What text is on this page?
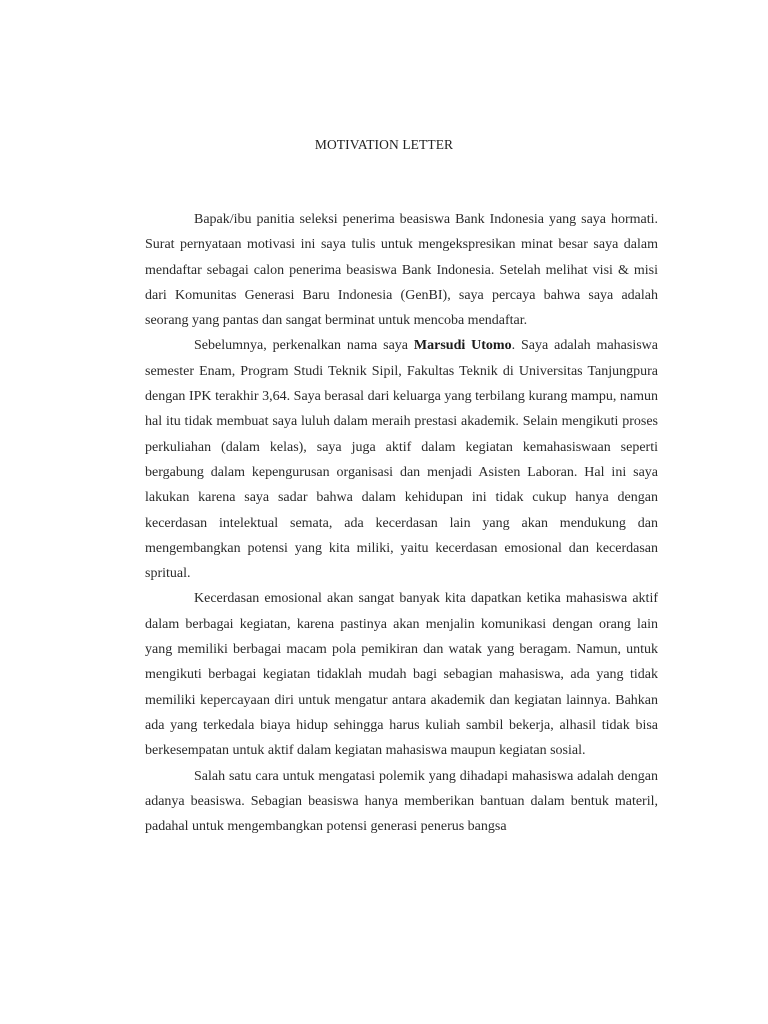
MOTIVATION LETTER

Bapak/ibu panitia seleksi penerima beasiswa Bank Indonesia yang saya hormati. Surat pernyataan motivasi ini saya tulis untuk mengekspresikan minat besar saya dalam mendaftar sebagai calon penerima beasiswa Bank Indonesia. Setelah melihat visi & misi dari Komunitas Generasi Baru Indonesia (GenBI), saya percaya bahwa saya adalah seorang yang pantas dan sangat berminat untuk mencoba mendaftar.

Sebelumnya, perkenalkan nama saya Marsudi Utomo. Saya adalah mahasiswa semester Enam, Program Studi Teknik Sipil, Fakultas Teknik di Universitas Tanjungpura dengan IPK terakhir 3,64. Saya berasal dari keluarga yang terbilang kurang mampu, namun hal itu tidak membuat saya luluh dalam meraih prestasi akademik. Selain mengikuti proses perkuliahan (dalam kelas), saya juga aktif dalam kegiatan kemahasiswaan seperti bergabung dalam kepengurusan organisasi dan menjadi Asisten Laboran. Hal ini saya lakukan karena saya sadar bahwa dalam kehidupan ini tidak cukup hanya dengan kecerdasan intelektual semata, ada kecerdasan lain yang akan mendukung dan mengembangkan potensi yang kita miliki, yaitu kecerdasan emosional dan kecerdasan spritual.

Kecerdasan emosional akan sangat banyak kita dapatkan ketika mahasiswa aktif dalam berbagai kegiatan, karena pastinya akan menjalin komunikasi dengan orang lain yang memiliki berbagai macam pola pemikiran dan watak yang beragam. Namun, untuk mengikuti berbagai kegiatan tidaklah mudah bagi sebagian mahasiswa, ada yang tidak memiliki kepercayaan diri untuk mengatur antara akademik dan kegiatan lainnya. Bahkan ada yang terkedala biaya hidup sehingga harus kuliah sambil bekerja, alhasil tidak bisa berkesempatan untuk aktif dalam kegiatan mahasiswa maupun kegiatan sosial.

Salah satu cara untuk mengatasi polemik yang dihadapi mahasiswa adalah dengan adanya beasiswa. Sebagian beasiswa hanya memberikan bantuan dalam bentuk materil, padahal untuk mengembangkan potensi generasi penerus bangsa
